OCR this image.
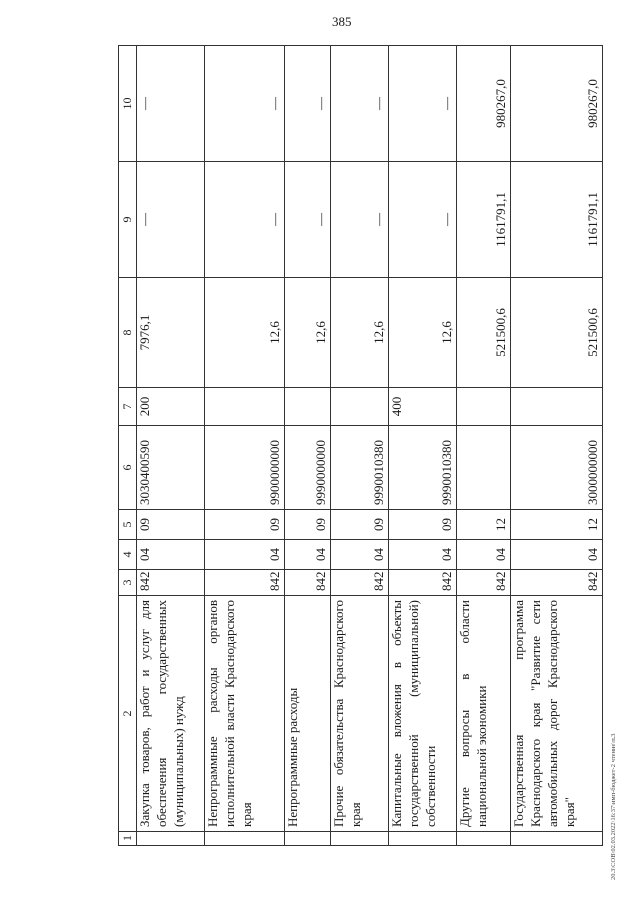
385
20.3\СОВ\02.03.2022\16:37\имп-бюджет-2 чтение\п.3
1	2	3	4	5	6	7	8	9	10
	Закупка товаров, работ и услуг для обеспечения государственных (муниципальных) нужд	842	04	09	3030400590	200	7976,1	—	—
	Непрограммные расходы органов исполнительной власти Краснодарского края	842	04	09	9900000000		12,6	—	—
	Непрограммные расходы	842	04	09	9990000000		12,6	—	—
	Прочие обязательства Краснодарского края	842	04	09	9990010380		12,6	—	—
	Капитальные вложения в объекты государственной (муниципальной) собственности	842	04	09	9990010380	400	12,6	—	—
	Другие вопросы в области национальной экономики	842	04	12			521500,6	1161791,1	980267,0
	Государственная программа Краснодарского края "Развитие сети автомобильных дорог Краснодарского края"	842	04	12	3000000000		521500,6	1161791,1	980267,0
